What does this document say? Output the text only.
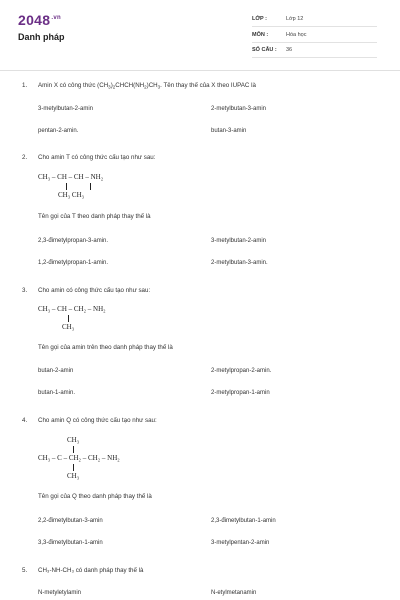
$2048^{.vn}$
Danh pháp
LỚP :	Lớp 12
MÔN :	Hóa học
SỐ CÂU : 36
1. Amin X có công thức $(CH_3)_2CHCH(NH_2)CH_3$. Tên thay thế của X theo IUPAC là
3-metylbutan-2-amin	2-metylbutan-3-amin
pentan-2-amin.	butan-3-amin
2. Cho amin T có công thức cấu tạo như sau:
CH₃ – CH – CH – NH₂
CH₃ CH₃
Tên gọi của T theo danh pháp thay thế là
2,3-đimetylpropan-3-amin.	3-metylbutan-2-amin
1,2-đimetylpropan-1-amin.	2-metylbutan-3-amin.
3. Cho amin có công thức cấu tạo như sau:
CH₃ – CH – CH₂ – NH₂
CH₃
Tên gọi của amin trên theo danh pháp thay thế là
butan-2-amin	2-metylpropan-2-amin.
butan-1-amin.	2-metylpropan-1-amin
4. Cho amin Q có công thức cấu tạo như sau:
CH₃
CH₃ – C – CH₂ – CH₂ – NH₂
CH₃
Tên gọi của Q theo danh pháp thay thế là
2,2-đimetylbutan-3-amin	2,3-đimetylbutan-1-amin
3,3-đimetylbutan-1-amin	3-metylpentan-2-amin
5. CH₃-NH-CH₃ có danh pháp thay thế là
N-metyletylamin	N-etylmetanamin
